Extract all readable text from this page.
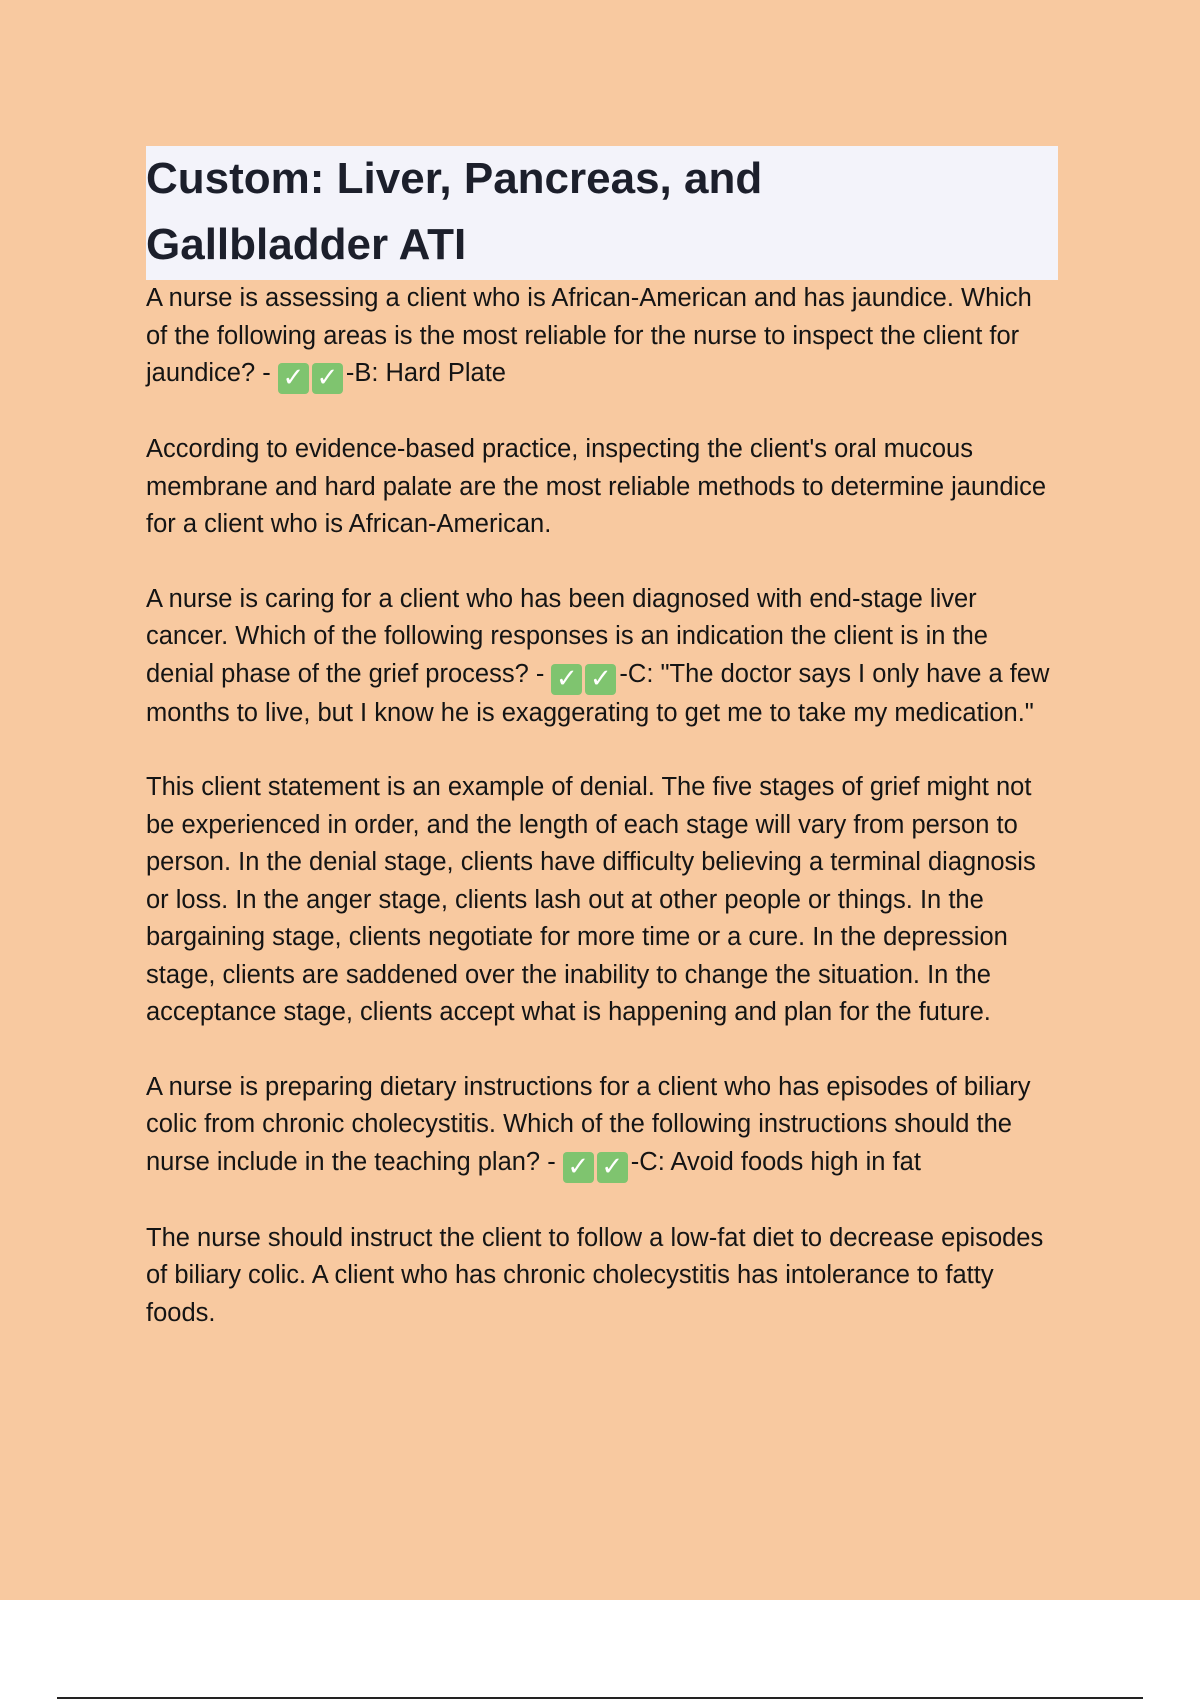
Custom: Liver, Pancreas, and Gallbladder ATI

A nurse is assessing a client who is African-American and has jaundice. Which of the following areas is the most reliable for the nurse to inspect the client for jaundice? - ✓ ✓ -B: Hard Plate

According to evidence-based practice, inspecting the client's oral mucous membrane and hard palate are the most reliable methods to determine jaundice for a client who is African-American.

A nurse is caring for a client who has been diagnosed with end-stage liver cancer. Which of the following responses is an indication the client is in the denial phase of the grief process? - ✓ ✓ -C: "The doctor says I only have a few months to live, but I know he is exaggerating to get me to take my medication."

This client statement is an example of denial. The five stages of grief might not be experienced in order, and the length of each stage will vary from person to person. In the denial stage, clients have difficulty believing a terminal diagnosis or loss. In the anger stage, clients lash out at other people or things. In the bargaining stage, clients negotiate for more time or a cure. In the depression stage, clients are saddened over the inability to change the situation. In the acceptance stage, clients accept what is happening and plan for the future.

A nurse is preparing dietary instructions for a client who has episodes of biliary colic from chronic cholecystitis. Which of the following instructions should the nurse include in the teaching plan? - ✓ ✓ -C: Avoid foods high in fat

The nurse should instruct the client to follow a low-fat diet to decrease episodes of biliary colic. A client who has chronic cholecystitis has intolerance to fatty foods.
